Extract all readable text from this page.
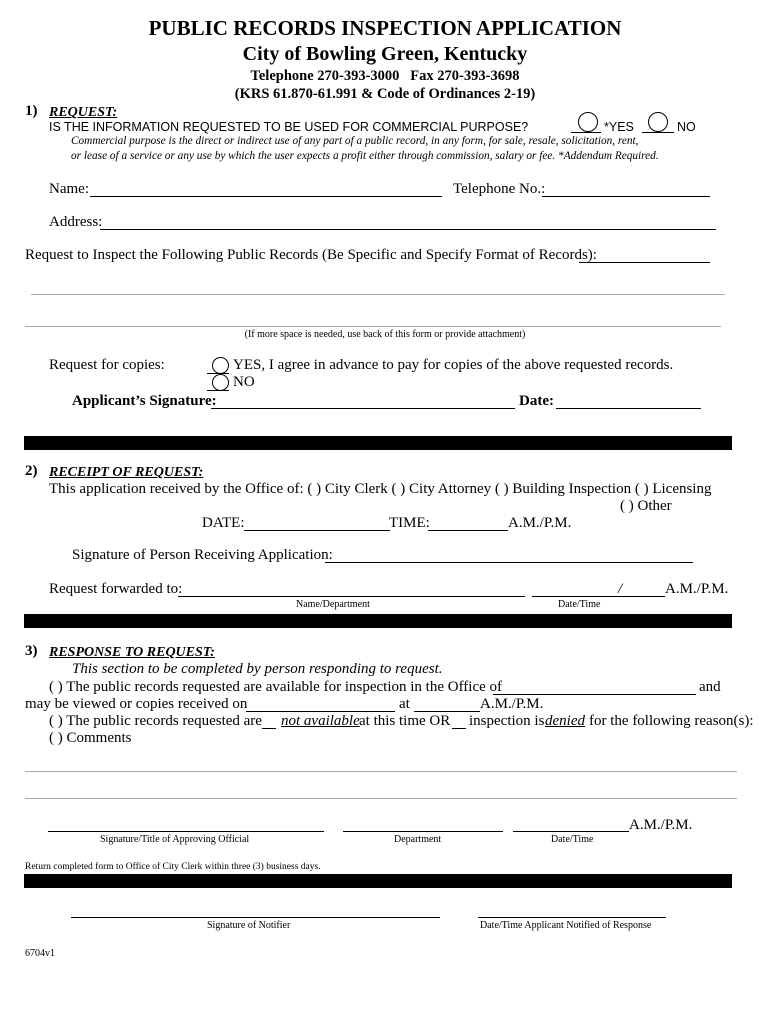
PUBLIC RECORDS INSPECTION APPLICATION
City of Bowling Green, Kentucky
Telephone 270-393-3000   Fax 270-393-3698
(KRS 61.870-61.991 & Code of Ordinances 2-19)
1) REQUEST:
IS THE INFORMATION REQUESTED TO BE USED FOR COMMERCIAL PURPOSE?	*YES	NO
Commercial purpose is the direct or indirect use of any part of a public record, in any form, for sale, resale, solicitation, rent,
or lease of a service or any use by which the user expects a profit either through commission, salary or fee. *Addendum Required.
Name:	Telephone No.:
Address:
Request to Inspect the Following Public Records (Be Specific and Specify Format of Records):
(If more space is needed, use back of this form or provide attachment)
Request for copies:	YES, I agree in advance to pay for copies of the above requested records.
NO
Applicant’s Signature:	Date:
2) RECEIPT OF REQUEST:
This application received by the Office of: ( ) City Clerk ( ) City Attorney ( ) Building Inspection ( ) Licensing
( ) Other
DATE:	TIME:	A.M./P.M.
Signature of Person Receiving Application:
Request forwarded to:	/	A.M./P.M.
Name/Department	Date/Time
3) RESPONSE TO REQUEST:
This section to be completed by person responding to request.
( ) The public records requested are available for inspection in the Office of	and
may be viewed or copies received on	at	A.M./P.M.
( ) The public records requested are not available at this time OR inspection is denied for the following reason(s):
( ) Comments
A.M./P.M.
Signature/Title of Approving Official	Department	Date/Time
Return completed form to Office of City Clerk within three (3) business days.
Signature of Notifier	Date/Time Applicant Notified of Response
6704v1
